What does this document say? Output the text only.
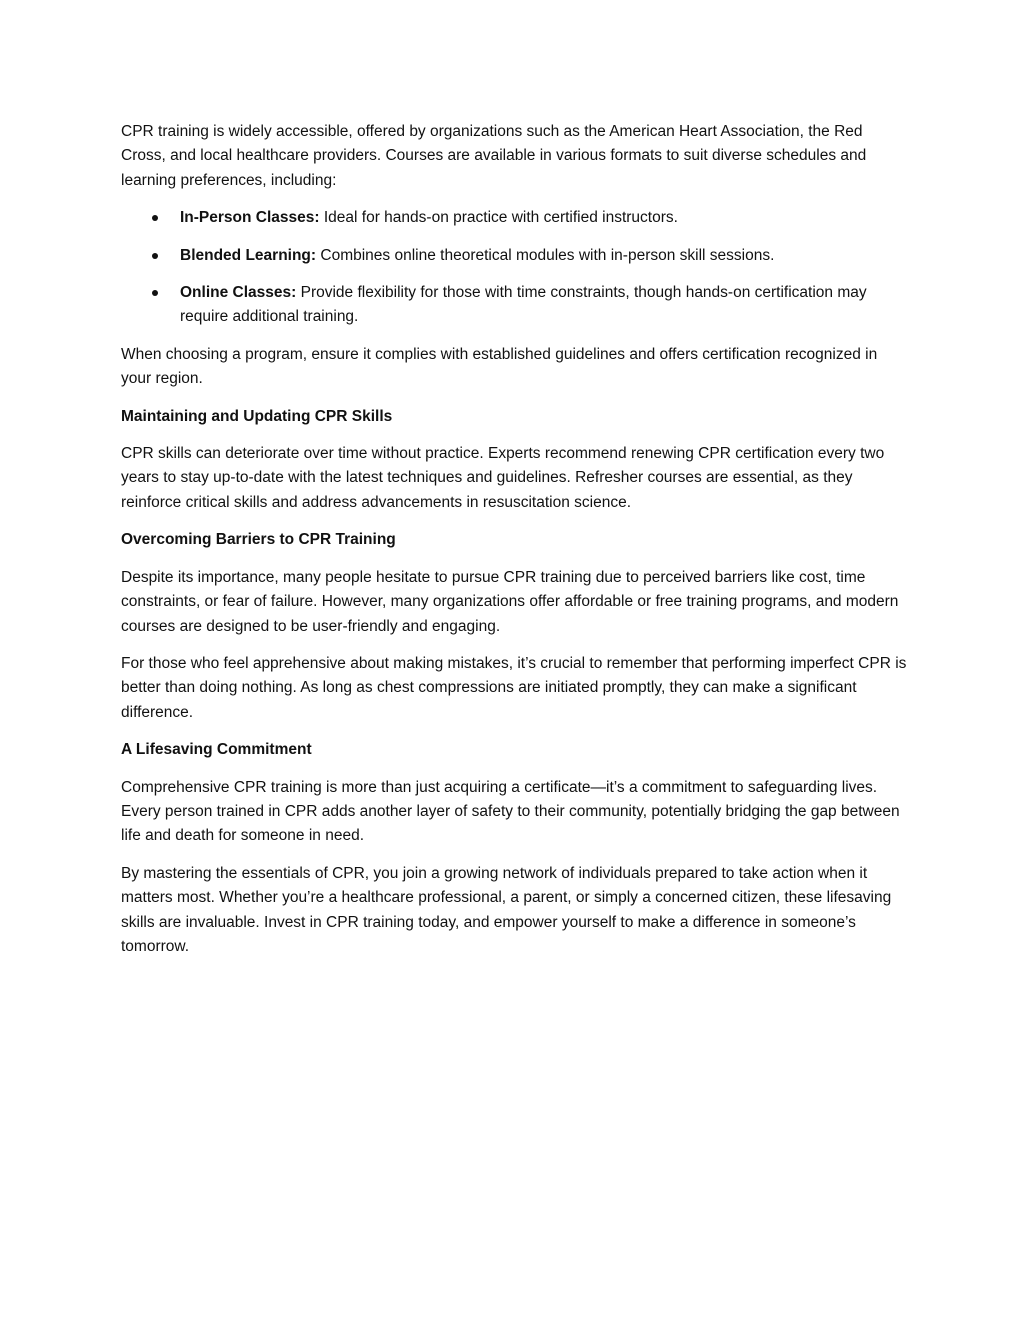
CPR training is widely accessible, offered by organizations such as the American Heart Association, the Red Cross, and local healthcare providers. Courses are available in various formats to suit diverse schedules and learning preferences, including:

In-Person Classes: Ideal for hands-on practice with certified instructors.
Blended Learning: Combines online theoretical modules with in-person skill sessions.
Online Classes: Provide flexibility for those with time constraints, though hands-on certification may require additional training.

When choosing a program, ensure it complies with established guidelines and offers certification recognized in your region.

Maintaining and Updating CPR Skills

CPR skills can deteriorate over time without practice. Experts recommend renewing CPR certification every two years to stay up-to-date with the latest techniques and guidelines. Refresher courses are essential, as they reinforce critical skills and address advancements in resuscitation science.

Overcoming Barriers to CPR Training

Despite its importance, many people hesitate to pursue CPR training due to perceived barriers like cost, time constraints, or fear of failure. However, many organizations offer affordable or free training programs, and modern courses are designed to be user-friendly and engaging.

For those who feel apprehensive about making mistakes, it’s crucial to remember that performing imperfect CPR is better than doing nothing. As long as chest compressions are initiated promptly, they can make a significant difference.

A Lifesaving Commitment

Comprehensive CPR training is more than just acquiring a certificate—it’s a commitment to safeguarding lives. Every person trained in CPR adds another layer of safety to their community, potentially bridging the gap between life and death for someone in need.

By mastering the essentials of CPR, you join a growing network of individuals prepared to take action when it matters most. Whether you’re a healthcare professional, a parent, or simply a concerned citizen, these lifesaving skills are invaluable. Invest in CPR training today, and empower yourself to make a difference in someone’s tomorrow.
